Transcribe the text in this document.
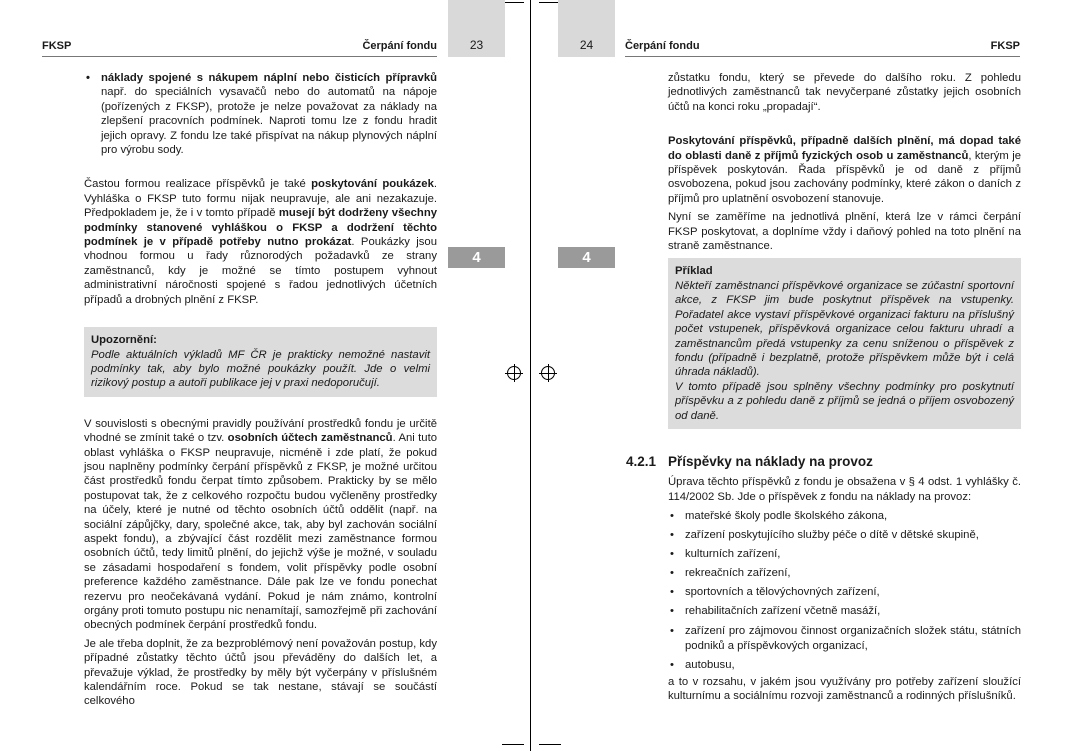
23
FKSP	Čerpání fondu
4
• náklady spojené s nákupem náplní nebo čisticích přípravků např. do speciálních vysavačů nebo do automatů na nápoje (pořízených z FKSP), protože je nelze považovat za náklady na zlepšení pracovních podmínek. Naproti tomu lze z fondu hradit jejich opravy. Z fondu lze také přispívat na nákup plynových náplní pro výrobu sody.

Častou formou realizace příspěvků je také poskytování poukázek. Vyhláška o FKSP tuto formu nijak neupravuje, ale ani nezakazuje. Předpokladem je, že i v tomto případě musejí být dodrženy všechny podmínky stanovené vyhláškou o FKSP a dodržení těchto podmínek je v případě potřeby nutno prokázat. Poukázky jsou vhodnou formou u řady různorodých požadavků ze strany zaměstnanců, kdy je možné se tímto postupem vyhnout administrativní náročnosti spojené s řadou jednotlivých účetních případů a drobných plnění z FKSP.

Upozornění:

Podle aktuálních výkladů MF ČR je prakticky nemožné nastavit podmínky tak, aby bylo možné poukázky použít. Jde o velmi rizikový postup a autoři publikace jej v praxi nedoporučují.

V souvislosti s obecnými pravidly používání prostředků fondu je určitě vhodné se zmínit také o tzv. osobních účtech zaměstnanců. Ani tuto oblast vyhláška o FKSP neupravuje, nicméně i zde platí, že pokud jsou naplněny podmínky čerpání příspěvků z FKSP, je možné určitou část prostředků fondu čerpat tímto způsobem. Prakticky by se mělo postupovat tak, že z celkového rozpočtu budou vyčleněny prostředky na účely, které je nutné od těchto osobních účtů oddělit (např. na sociální zápůjčky, dary, společné akce, tak, aby byl zachován sociální aspekt fondu), a zbývající část rozdělit mezi zaměstnance formou osobních účtů, tedy limitů plnění, do jejichž výše je možné, v souladu se zásadami hospodaření s fondem, volit příspěvky podle osobní preference každého zaměstnance. Dále pak lze ve fondu ponechat rezervu pro neočekávaná vydání. Pokud je nám známo, kontrolní orgány proti tomuto postupu nic nenamítají, samozřejmě při zachování obecných podmínek čerpání prostředků fondu.

Je ale třeba doplnit, že za bezproblémový není považován postup, kdy případné zůstatky těchto účtů jsou převáděny do dalších let, a převažuje výklad, že prostředky by měly být vyčerpány v příslušném kalendářním roce. Pokud se tak nestane, stávají se součástí celkového

24	Čerpání fondu	FKSP
4

zůstatku fondu, který se převede do dalšího roku. Z pohledu jednotlivých zaměstnanců tak nevyčerpané zůstatky jejich osobních účtů na konci roku „propadají“.

Poskytování příspěvků, případně dalších plnění, má dopad také do oblasti daně z příjmů fyzických osob u zaměstnanců, kterým je příspěvek poskytován. Řada příspěvků je od daně z příjmů osvobozena, pokud jsou zachovány podmínky, které zákon o daních z příjmů pro uplatnění osvobození stanovuje.

Nyní se zaměříme na jednotlivá plnění, která lze v rámci čerpání FKSP poskytovat, a doplníme vždy i daňový pohled na toto plnění na straně zaměstnance.

Příklad

Někteří zaměstnanci příspěvkové organizace se zúčastní sportovní akce, z FKSP jim bude poskytnut příspěvek na vstupenky. Pořadatel akce vystaví příspěvkové organizaci fakturu na příslušný počet vstupenek, příspěvková organizace celou fakturu uhradí a zaměstnancům předá vstupenky za cenu sníženou o příspěvek z fondu (případně i bezplatně, protože příspěvkem může být i celá úhrada nákladů).

V tomto případě jsou splněny všechny podmínky pro poskytnutí příspěvku a z pohledu daně z příjmů se jedná o příjem osvobozený od daně.

4.2.1 Příspěvky na náklady na provoz

Úprava těchto příspěvků z fondu je obsažena v § 4 odst. 1 vyhlášky č. 114/2002 Sb. Jde o příspěvek z fondu na náklady na provoz:

• mateřské školy podle školského zákona,
• zařízení poskytujícího služby péče o dítě v dětské skupině,
• kulturních zařízení,
• rekreačních zařízení,
• sportovních a tělovýchovných zařízení,
• rehabilitačních zařízení včetně masáží,
• zařízení pro zájmovou činnost organizačních složek státu, státních podniků a příspěvkových organizací,
• autobusu,

a to v rozsahu, v jakém jsou využívány pro potřeby zařízení sloužící kulturnímu a sociálnímu rozvoji zaměstnanců a rodinných příslušníků.
